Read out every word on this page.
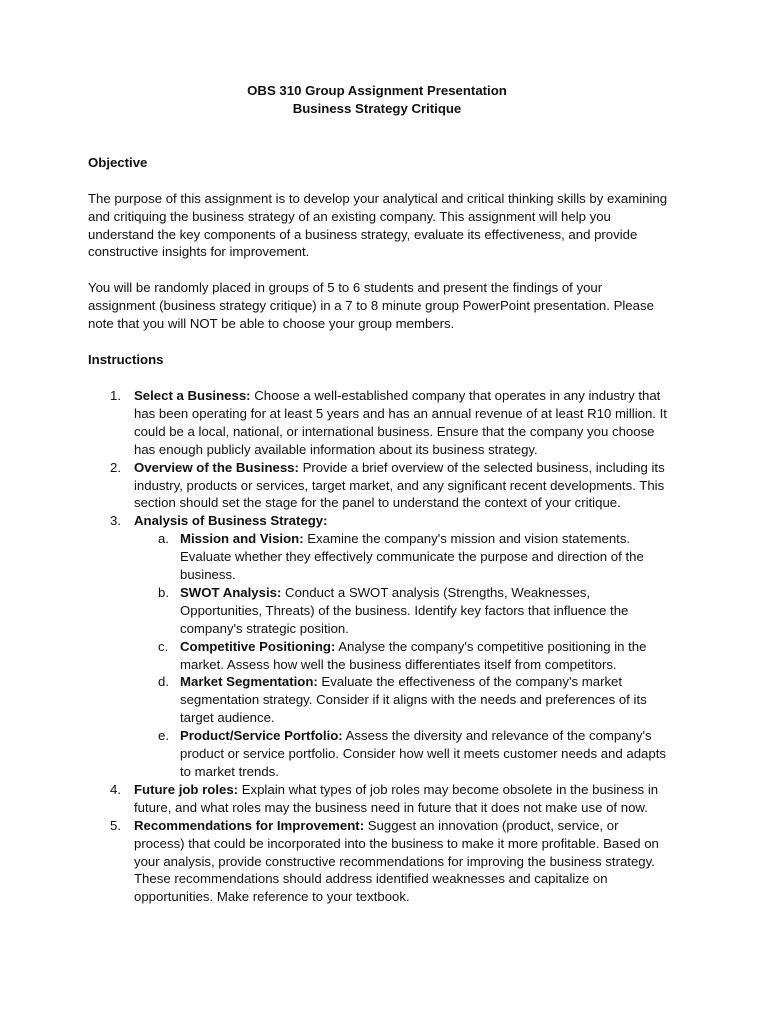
OBS 310 Group Assignment Presentation
Business Strategy Critique

Objective

The purpose of this assignment is to develop your analytical and critical thinking skills by examining and critiquing the business strategy of an existing company. This assignment will help you understand the key components of a business strategy, evaluate its effectiveness, and provide constructive insights for improvement.

You will be randomly placed in groups of 5 to 6 students and present the findings of your assignment (business strategy critique) in a 7 to 8 minute group PowerPoint presentation. Please note that you will NOT be able to choose your group members.

Instructions

1. Select a Business: Choose a well-established company that operates in any industry that has been operating for at least 5 years and has an annual revenue of at least R10 million. It could be a local, national, or international business. Ensure that the company you choose has enough publicly available information about its business strategy.
2. Overview of the Business: Provide a brief overview of the selected business, including its industry, products or services, target market, and any significant recent developments. This section should set the stage for the panel to understand the context of your critique.
3. Analysis of Business Strategy:
a. Mission and Vision: Examine the company's mission and vision statements. Evaluate whether they effectively communicate the purpose and direction of the business.
b. SWOT Analysis: Conduct a SWOT analysis (Strengths, Weaknesses, Opportunities, Threats) of the business. Identify key factors that influence the company's strategic position.
c. Competitive Positioning: Analyse the company's competitive positioning in the market. Assess how well the business differentiates itself from competitors.
d. Market Segmentation: Evaluate the effectiveness of the company's market segmentation strategy. Consider if it aligns with the needs and preferences of its target audience.
e. Product/Service Portfolio: Assess the diversity and relevance of the company's product or service portfolio. Consider how well it meets customer needs and adapts to market trends.
4. Future job roles: Explain what types of job roles may become obsolete in the business in future, and what roles may the business need in future that it does not make use of now.
5. Recommendations for Improvement: Suggest an innovation (product, service, or process) that could be incorporated into the business to make it more profitable. Based on your analysis, provide constructive recommendations for improving the business strategy. These recommendations should address identified weaknesses and capitalize on opportunities. Make reference to your textbook.
